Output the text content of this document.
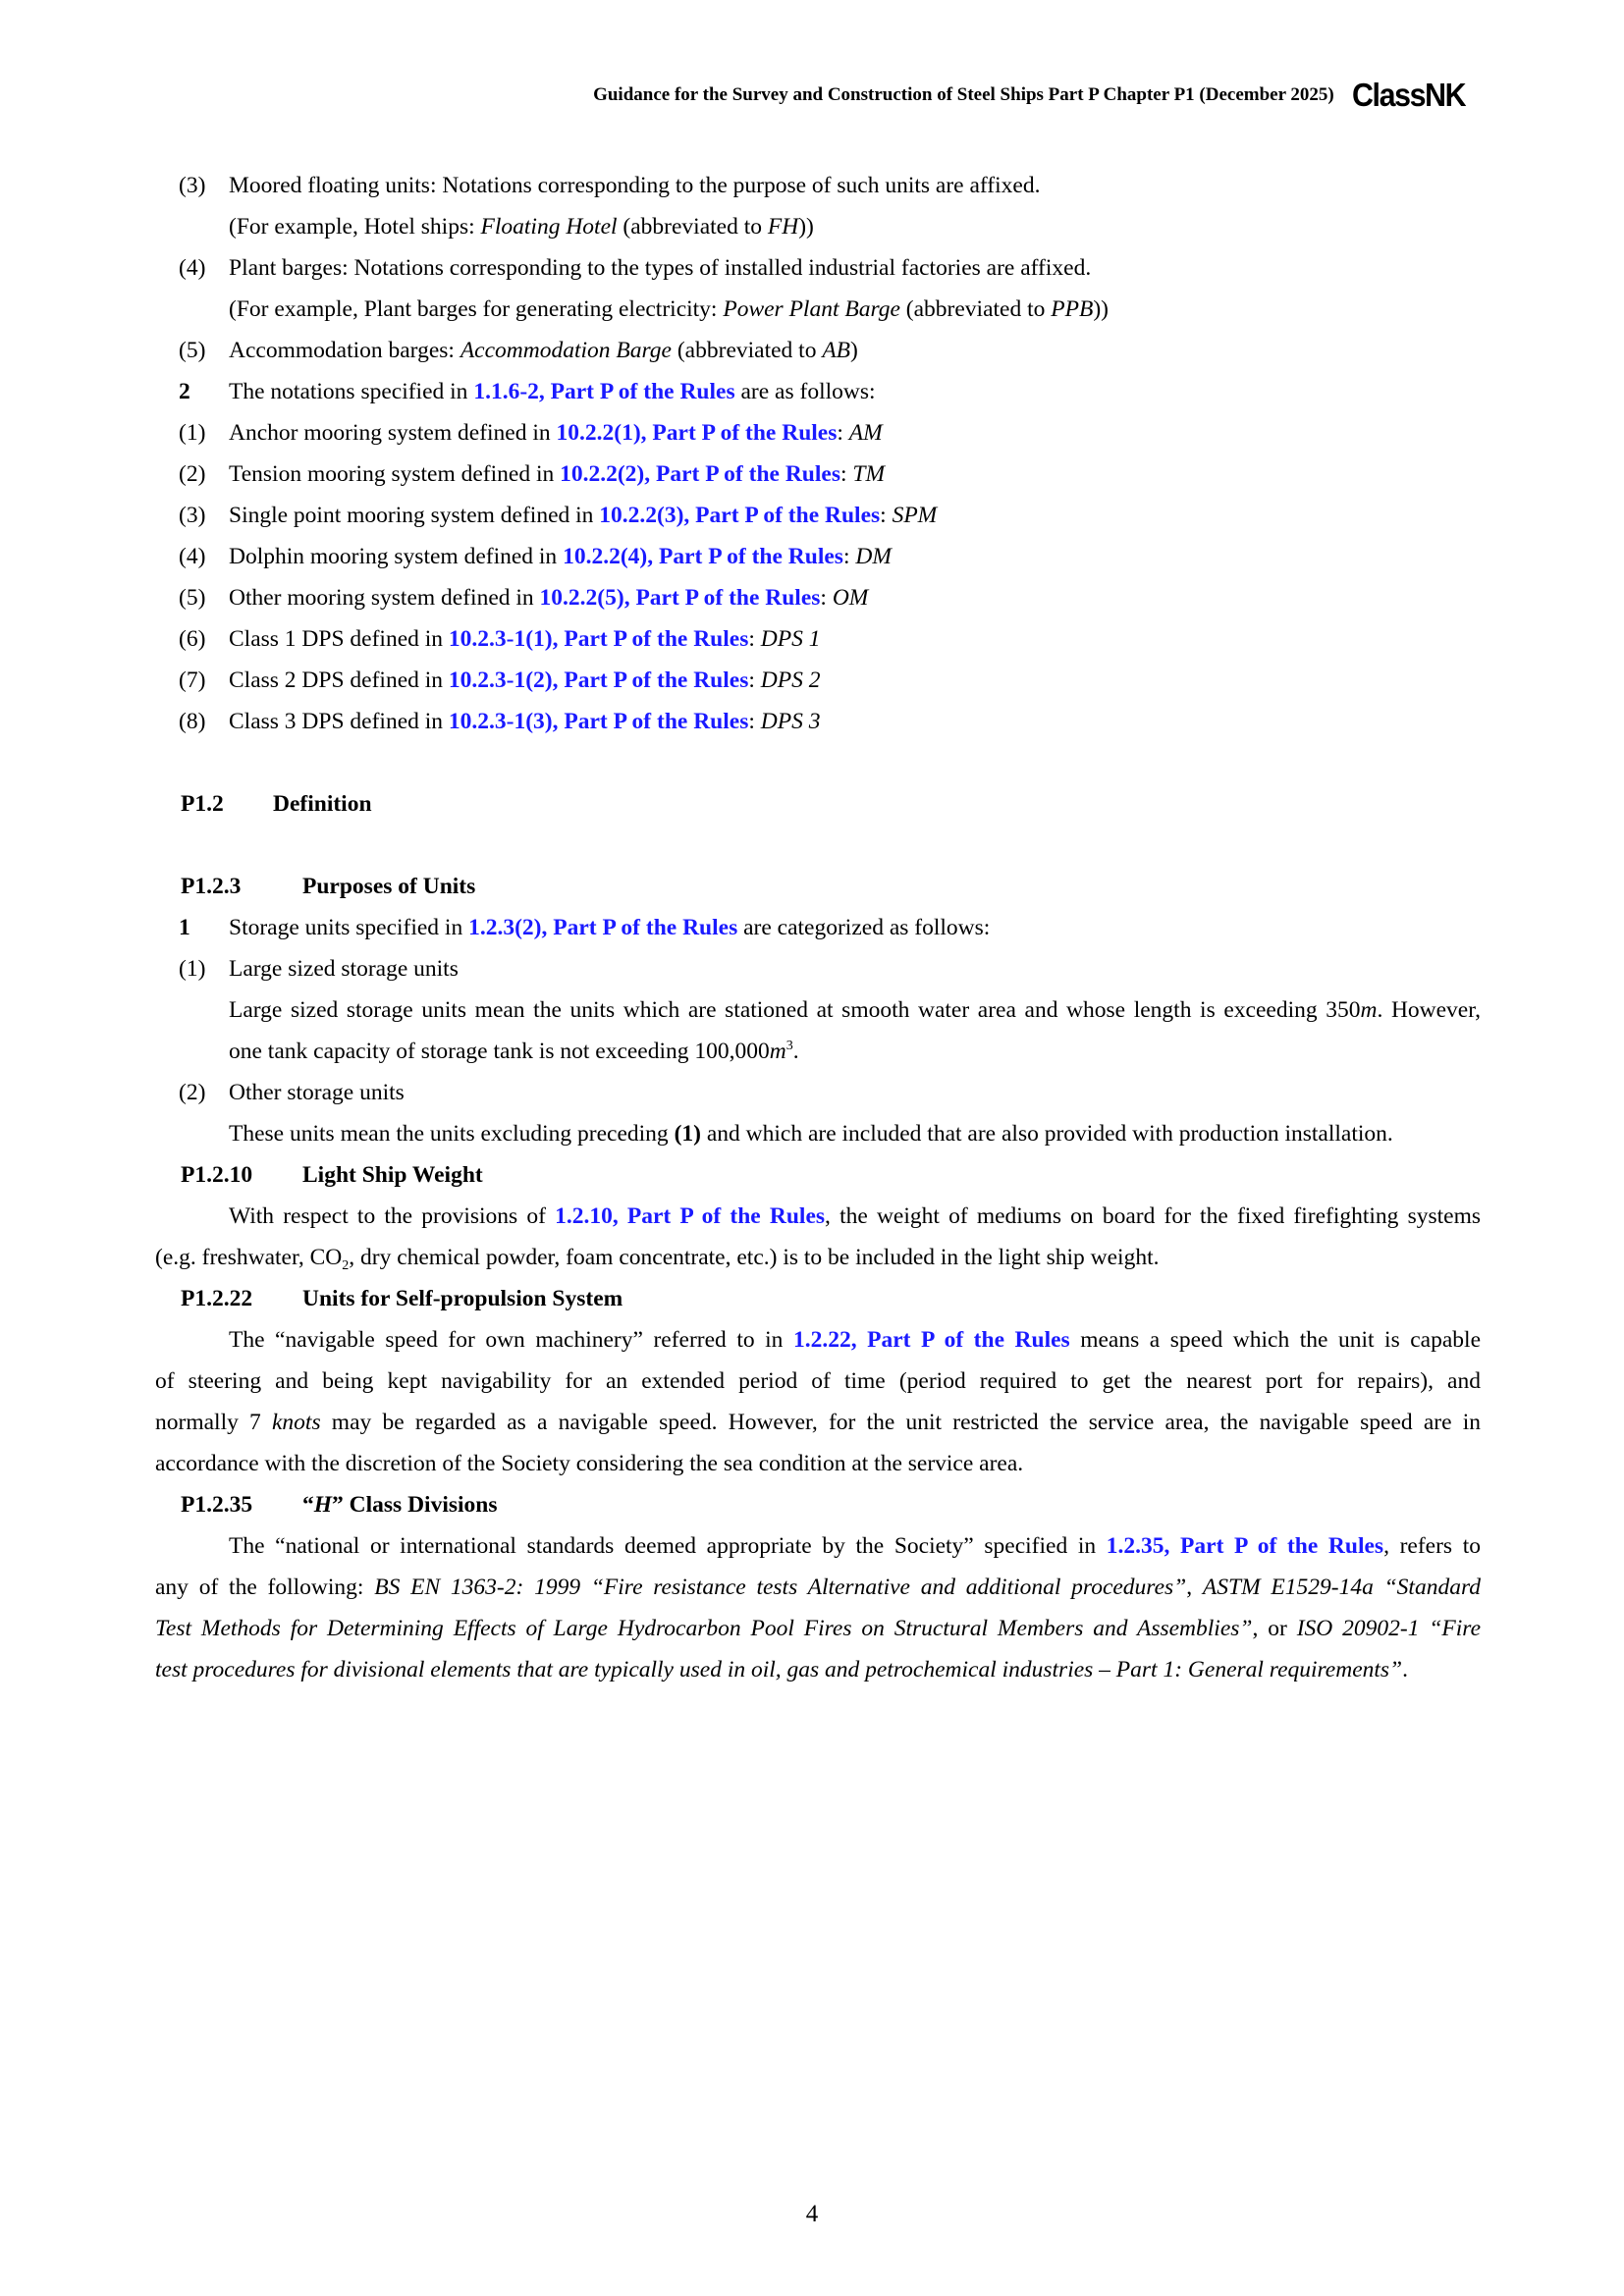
Guidance for the Survey and Construction of Steel Ships Part P Chapter P1 (December 2025) ClassNK
(3) Moored floating units: Notations corresponding to the purpose of such units are affixed.
(For example, Hotel ships: Floating Hotel (abbreviated to FH))
(4) Plant barges: Notations corresponding to the types of installed industrial factories are affixed.
(For example, Plant barges for generating electricity: Power Plant Barge (abbreviated to PPB))
(5) Accommodation barges: Accommodation Barge (abbreviated to AB)
2 The notations specified in 1.1.6-2, Part P of the Rules are as follows:
(1) Anchor mooring system defined in 10.2.2(1), Part P of the Rules: AM
(2) Tension mooring system defined in 10.2.2(2), Part P of the Rules: TM
(3) Single point mooring system defined in 10.2.2(3), Part P of the Rules: SPM
(4) Dolphin mooring system defined in 10.2.2(4), Part P of the Rules: DM
(5) Other mooring system defined in 10.2.2(5), Part P of the Rules: OM
(6) Class 1 DPS defined in 10.2.3-1(1), Part P of the Rules: DPS 1
(7) Class 2 DPS defined in 10.2.3-1(2), Part P of the Rules: DPS 2
(8) Class 3 DPS defined in 10.2.3-1(3), Part P of the Rules: DPS 3
P1.2 Definition
P1.2.3	Purposes of Units
1 Storage units specified in 1.2.3(2), Part P of the Rules are categorized as follows:
(1) Large sized storage units
Large sized storage units mean the units which are stationed at smooth water area and whose length is exceeding 350m. However,
one tank capacity of storage tank is not exceeding $100,000m^3$.
(2) Other storage units
These units mean the units excluding preceding (1) and which are included that are also provided with production installation.
P1.2.10 Light Ship Weight
With respect to the provisions of 1.2.10, Part P of the Rules, the weight of mediums on board for the fixed firefighting systems
(e.g. freshwater, $CO_2$, dry chemical powder, foam concentrate, etc.) is to be included in the light ship weight.
P1.2.22 Units for Self-propulsion System
The “navigable speed for own machinery” referred to in 1.2.22, Part P of the Rules means a speed which the unit is capable
of steering and being kept navigability for an extended period of time (period required to get the nearest port for repairs), and
normally 7 knots may be regarded as a navigable speed. However, for the unit restricted the service area, the navigable speed are in
accordance with the discretion of the Society considering the sea condition at the service area.
P1.2.35 “H” Class Divisions
The “national or international standards deemed appropriate by the Society” specified in 1.2.35, Part P of the Rules, refers to
any of the following: BS EN 1363-2: 1999 “Fire resistance tests Alternative and additional procedures”, ASTM E1529-14a “Standard
Test Methods for Determining Effects of Large Hydrocarbon Pool Fires on Structural Members and Assemblies”, or ISO 20902-1 “Fire
test procedures for divisional elements that are typically used in oil, gas and petrochemical industries – Part 1: General requirements”.
4
